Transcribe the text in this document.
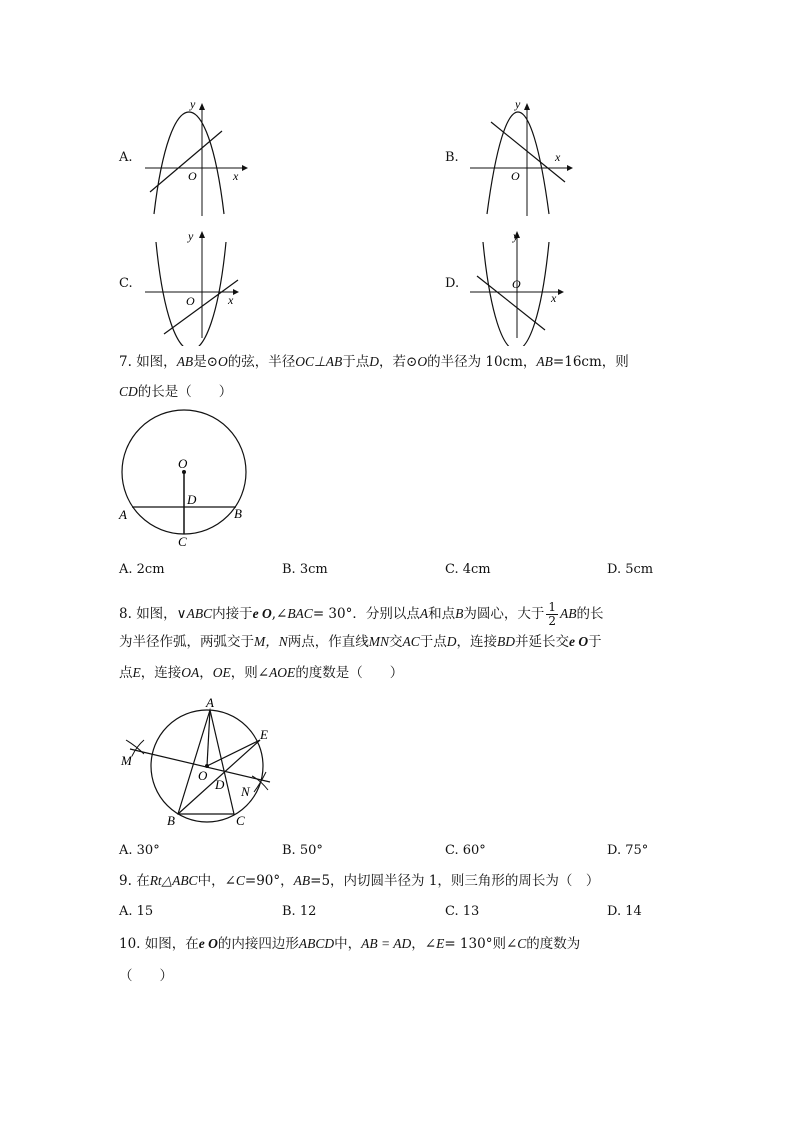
A.
y
x
O
B.
y
x
O
C.
y
x
O
D.
y
x
O
7. 如图，AB是⊙O的弦，半径OC⊥AB于点D，若⊙O的半径为 10cm，AB=16cm，则
CD的长是（　　）
O
D
A	B
C
A. 2cm	B. 3cm	C. 4cm	D. 5cm
8. 如图，∨ABC内接于e O,∠BAC= 30°．分别以点A和点B为圆心，大于 $\frac{1}{2}$ AB的长
为半径作弧，两弧交于M，N两点，作直线MN交AC于点D，连接BD并延长交e O于
点E，连接OA，OE，则∠AOE的度数是（　　）
A
E
M
O
D N
B	C
A. 30°	B. 50°	C. 60°	D. 75°
9. 在Rt△ABC中，∠C=90°，AB=5，内切圆半径为 1，则三角形的周长为（　）
A. 15	B. 12	C. 13	D. 14
10. 如图，在e O的内接四边形ABCD中，AB = AD，∠E= 130°则∠C的度数为
（　　）
